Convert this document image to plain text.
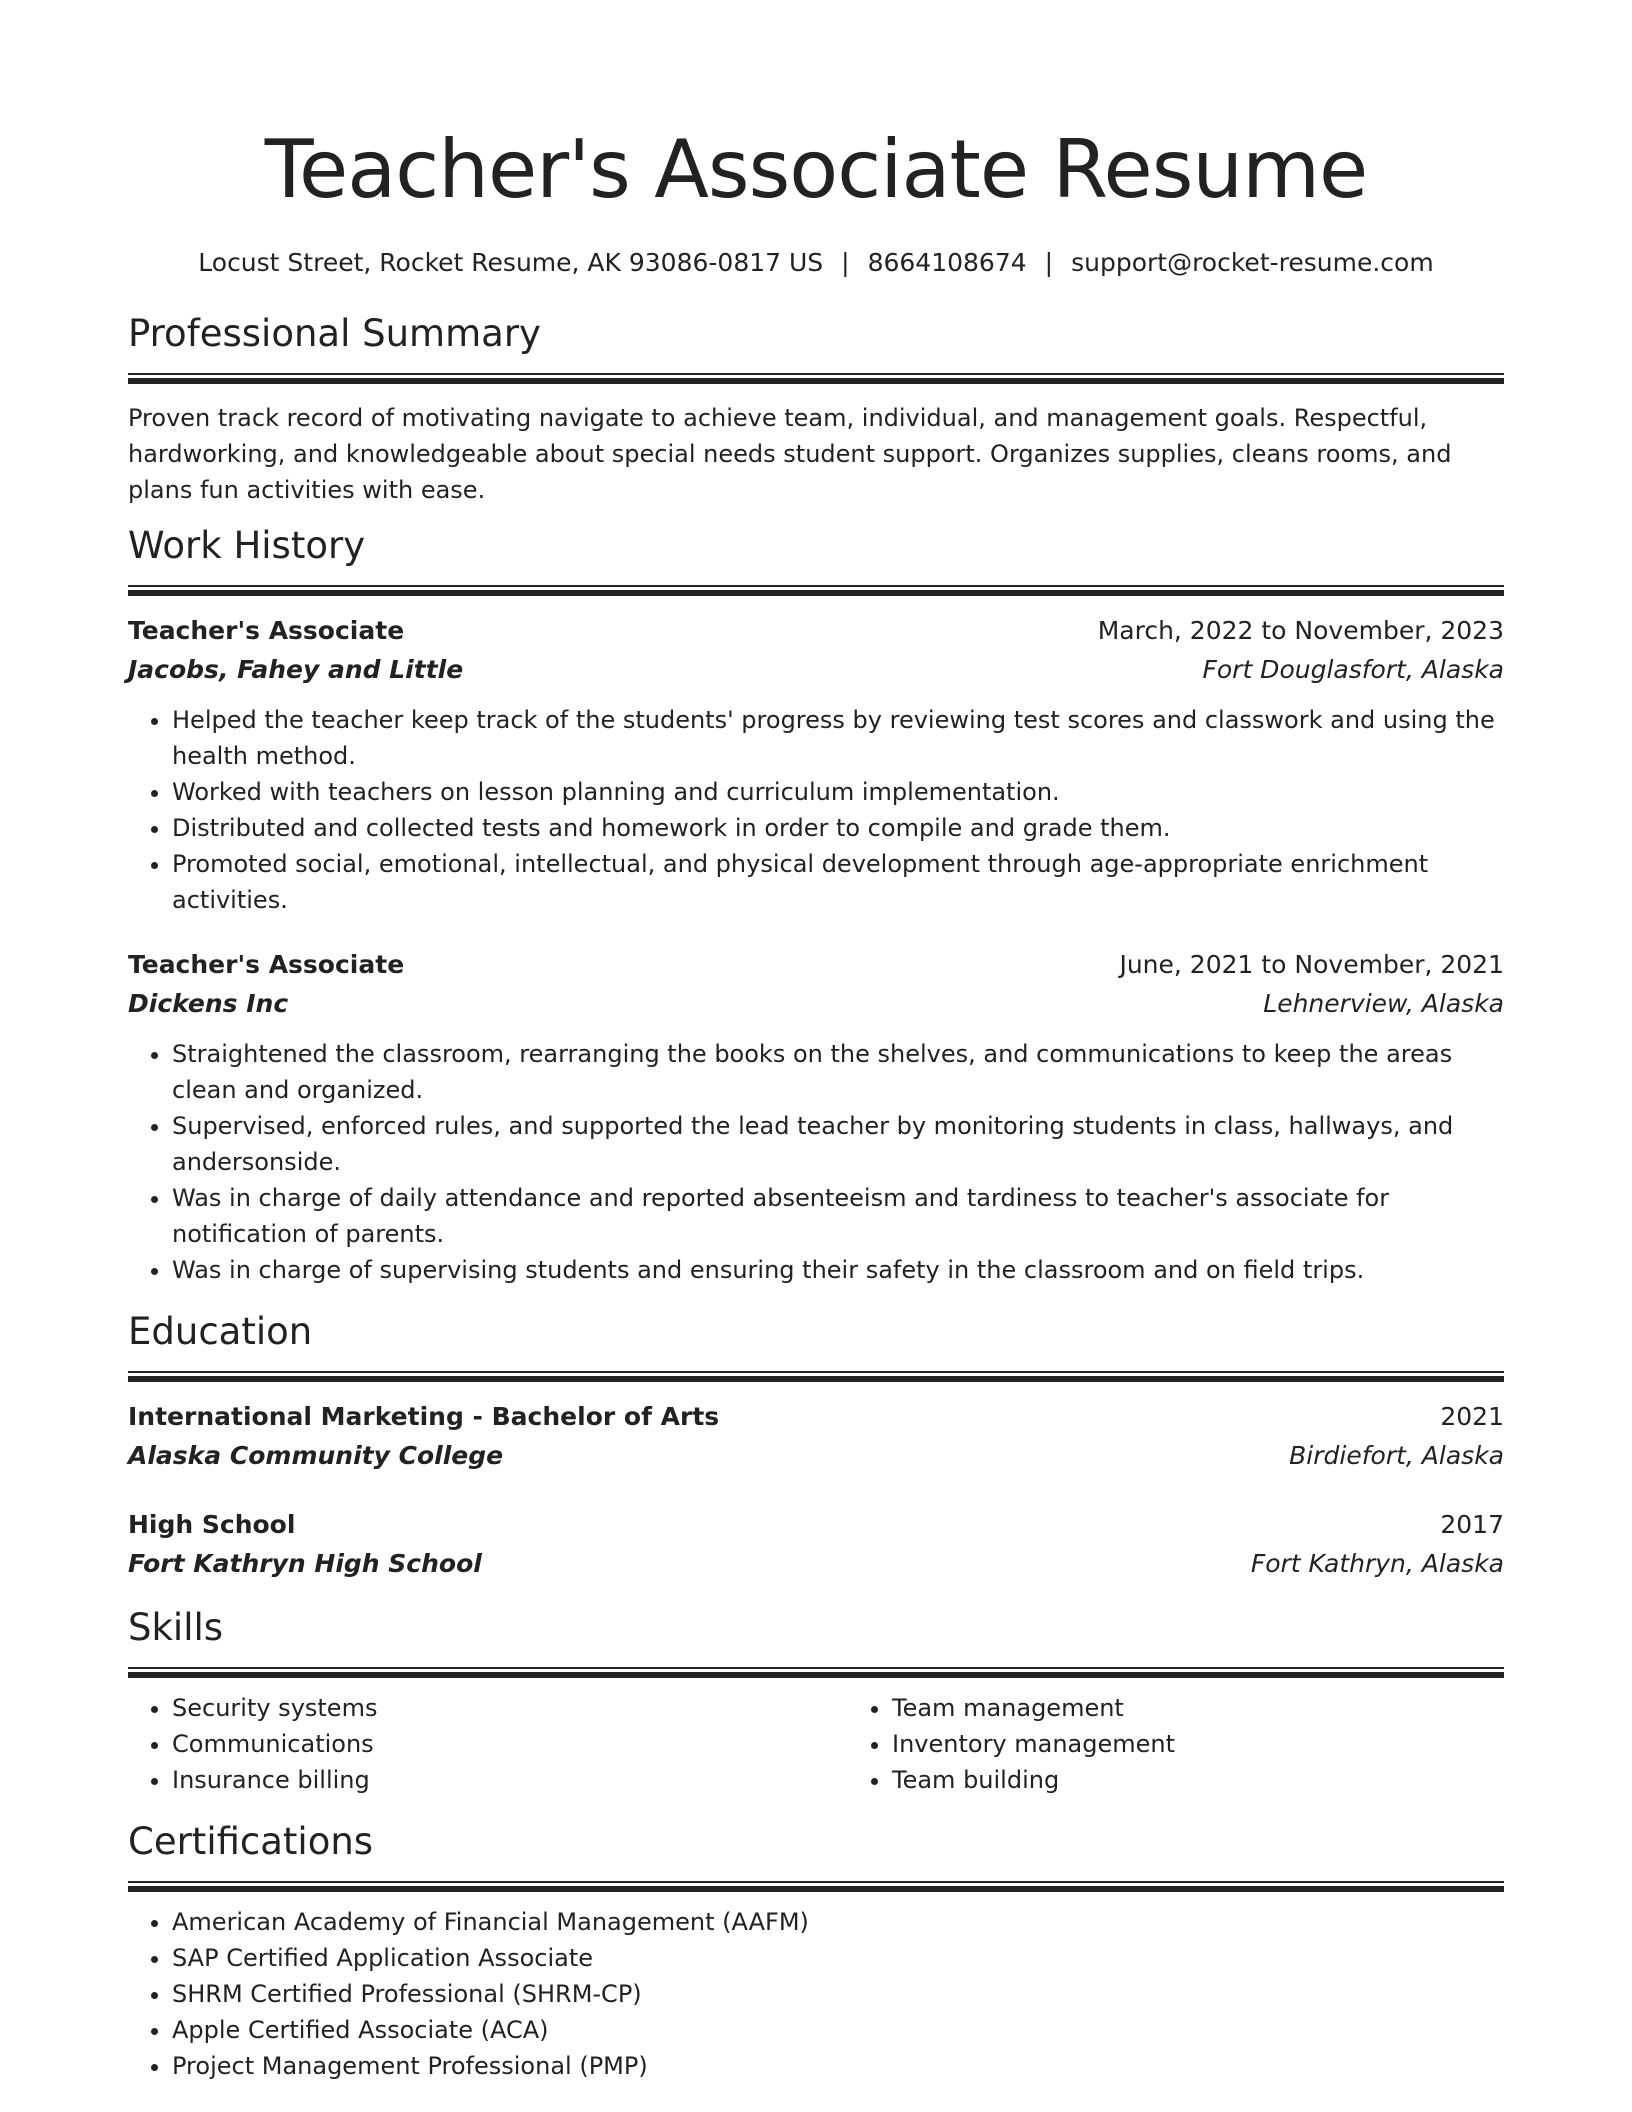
Teacher's Associate Resume
Locust Street, Rocket Resume, AK 93086-0817 US | 8664108674 | support@rocket-resume.com
Professional Summary

Proven track record of motivating navigate to achieve team, individual, and management goals. Respectful, hardworking, and knowledgeable about special needs student support. Organizes supplies, cleans rooms, and plans fun activities with ease.

Work History
Teacher's Associate	March, 2022 to November, 2023
Jacobs, Fahey and Little	Fort Douglasfort, Alaska
• Helped the teacher keep track of the students' progress by reviewing test scores and classwork and using the health method.
• Worked with teachers on lesson planning and curriculum implementation.
• Distributed and collected tests and homework in order to compile and grade them.
• Promoted social, emotional, intellectual, and physical development through age-appropriate enrichment activities.
Teacher's Associate	June, 2021 to November, 2021
Dickens Inc	Lehnerview, Alaska
• Straightened the classroom, rearranging the books on the shelves, and communications to keep the areas clean and organized.
• Supervised, enforced rules, and supported the lead teacher by monitoring students in class, hallways, and andersonside.
• Was in charge of daily attendance and reported absenteeism and tardiness to teacher's associate for notification of parents.
• Was in charge of supervising students and ensuring their safety in the classroom and on field trips.
Education
International Marketing - Bachelor of Arts	2021
Alaska Community College	Birdiefort, Alaska
High School	2017
Fort Kathryn High School	Fort Kathryn, Alaska
Skills
• Security systems
• Communications
• Insurance billing
• Team management
• Inventory management
• Team building
Certifications
• American Academy of Financial Management (AAFM)
• SAP Certified Application Associate
• SHRM Certified Professional (SHRM-CP)
• Apple Certified Associate (ACA)
• Project Management Professional (PMP)
